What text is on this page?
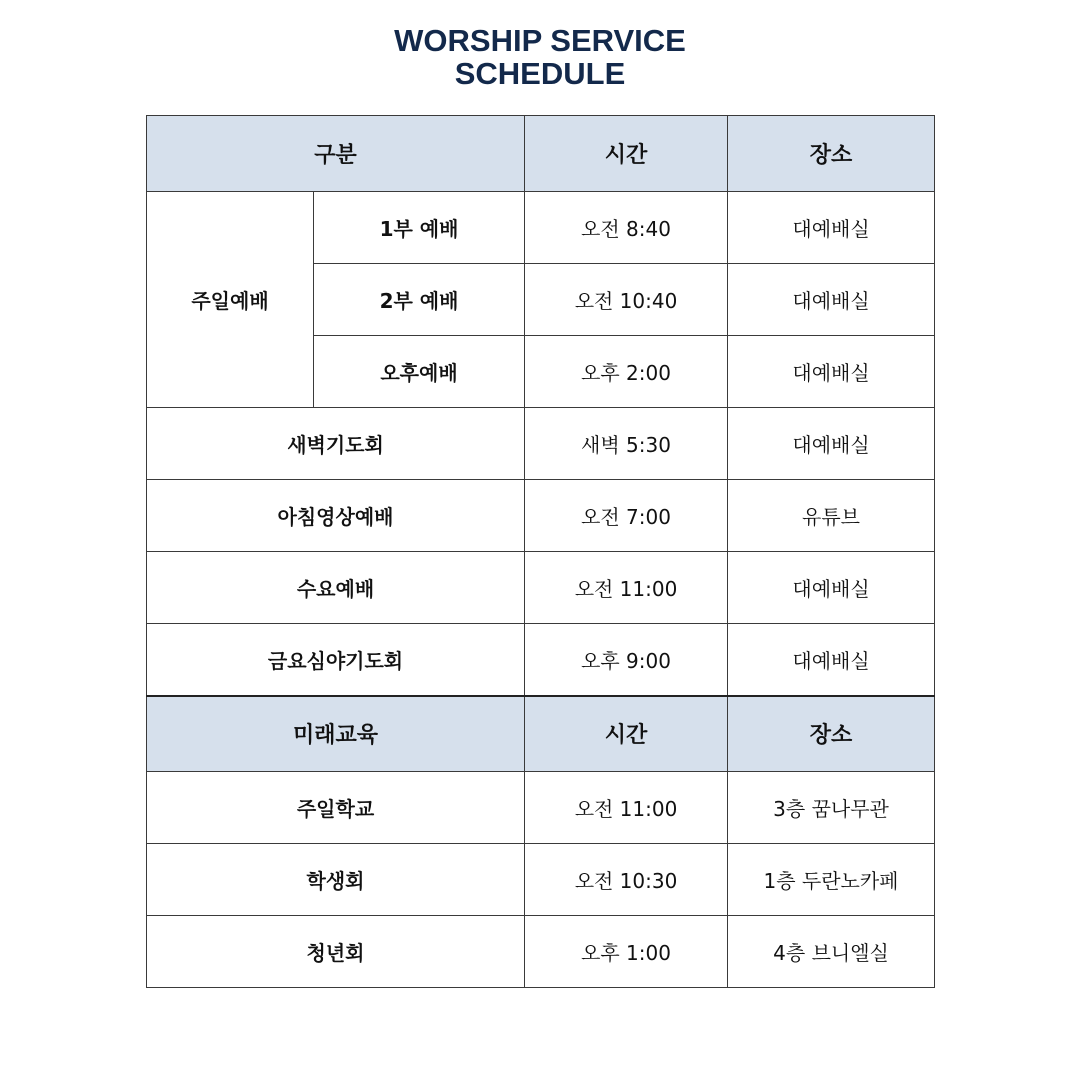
WORSHIP SERVICE
SCHEDULE
구분		시간	장소
주일예배	1부 예배	오전 8:40	대예배실
	2부 예배	오전 10:40	대예배실
	오후예배	오후 2:00	대예배실
새벽기도회		새벽 5:30	대예배실
아침영상예배		오전 7:00	유튜브
수요예배		오전 11:00	대예배실
금요심야기도회		오후 9:00	대예배실
미래교육		시간	장소
주일학교		오전 11:00	3층 꿈나무관
학생회		오전 10:30	1층 두란노카페
청년회		오후 1:00	4층 브니엘실
